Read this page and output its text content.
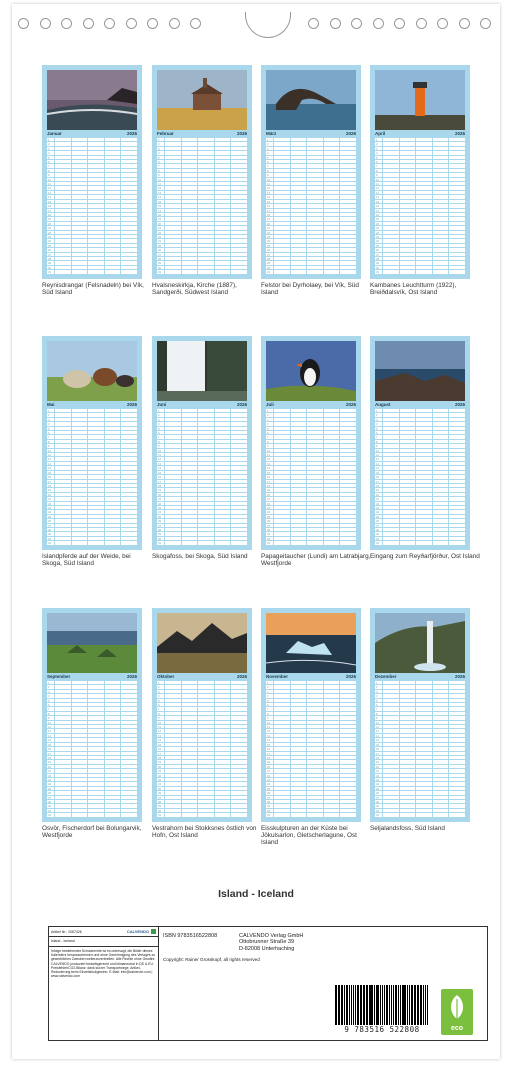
Januar	2026
1
2
3
4
5
6
7
8
9
10
11
12
13
14
15
16
17
18
19
20
21
22
23
24
25
26
27
28
29
30
31
Reynisdrangar (Felsnadeln) bei Vík, Süd Island
Februar	2026
1
2
3
4
5
6
7
8
9
10
11
12
13
14
15
16
17
18
19
20
21
22
23
24
25
26
27
28
29
30
31
Hvalsneskirkja, Kirche (1887), Sandgerði, Südwest Island
März	2026
1
2
3
4
5
6
7
8
9
10
11
12
13
14
15
16
17
18
19
20
21
22
23
24
25
26
27
28
29
30
31
Felstor bei Dyrholaey, bei Vík, Süd Island
April	2026
1
2
3
4
5
6
7
8
9
10
11
12
13
14
15
16
17
18
19
20
21
22
23
24
25
26
27
28
29
30
31
Kambanes Leuchtturm (1922), Breiðdalsvík, Ost Island
Mai	2026
1
2
3
4
5
6
7
8
9
10
11
12
13
14
15
16
17
18
19
20
21
22
23
24
25
26
27
28
29
30
31
Islandpferde auf der Weide, bei Skoga, Süd Island
Juni	2026
1
2
3
4
5
6
7
8
9
10
11
12
13
14
15
16
17
18
19
20
21
22
23
24
25
26
27
28
29
30
31
Skogafoss, bei Skoga, Süd Island
Juli	2026
1
2
3
4
5
6
7
8
9
10
11
12
13
14
15
16
17
18
19
20
21
22
23
24
25
26
27
28
29
30
31
Papageitaucher (Lundi) am Latrabjarg, Westfjorde
August	2026
1
2
3
4
5
6
7
8
9
10
11
12
13
14
15
16
17
18
19
20
21
22
23
24
25
26
27
28
29
30
31
Eingang zum Reyðarfjörður, Ost Island
September	2026
1
2
3
4
5
6
7
8
9
10
11
12
13
14
15
16
17
18
19
20
21
22
23
24
25
26
27
28
29
30
31
Osvör, Fischerdorf bei Bolungarvik, Westfjorde
Oktober	2026
1
2
3
4
5
6
7
8
9
10
11
12
13
14
15
16
17
18
19
20
21
22
23
24
25
26
27
28
29
30
31
Vestrahorn bei Stokksnes östlich von Hofn, Ost Island
November	2026
1
2
3
4
5
6
7
8
9
10
11
12
13
14
15
16
17
18
19
20
21
22
23
24
25
26
27
28
29
30
31
Eisskulpturen an der Küste bei Jökulsarlon, Gletscherlagune, Ost Island
Dezember	2026
1
2
3
4
5
6
7
8
9
10
11
12
13
14
15
16
17
18
19
20
21
22
23
24
25
26
27
28
29
30
31
Seljalandsfoss, Süd Island
Island - Iceland
Artikel Nr.: 2087426	CALVENDO
Island - Iceland
Infolge bestehender Schutzrechte ist es untersagt, die Bilder dieses Kalenders herauszutrennen und ohne Genehmigung des Verlages zu gewerblichen Zwecken weiterzuverbreiten. Alle Rechte ohne Gewähr. CALVENDO produziert bedarfsgerecht und klimaneutral in DE & EU. Preisfehler/CO2-Bilanz: dank kurzer Transportwege. Artikel-Reduzierung beim Einzelstückgewinn. E-Mail: info@calvendo.com | www.calvendo.com
ISBN 9783516522808	CALVENDO Verlag GmbH
Ottobrunner Straße 39
D-82008 Unterhaching
Copyright: Rainer Grosskopf, all rights reserved
9 783516 522808	eco
